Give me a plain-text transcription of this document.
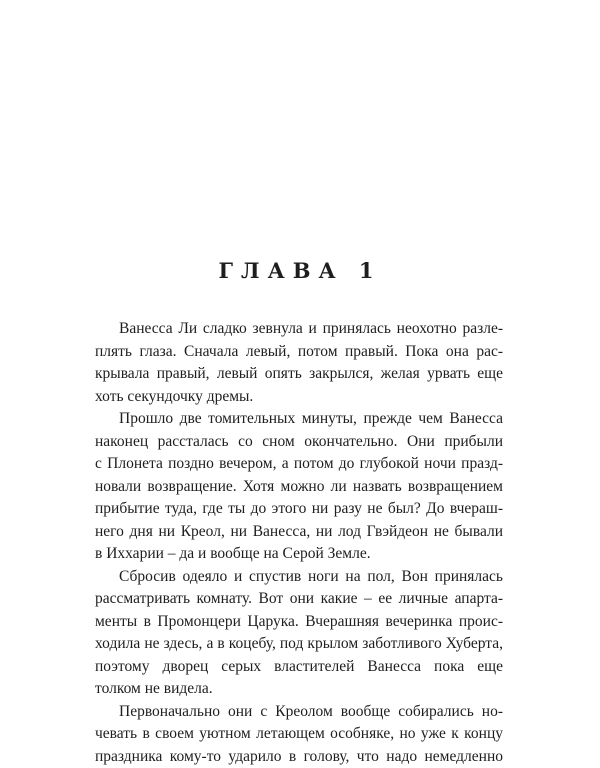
ГЛАВА 1
Ванесса Ли сладко зевнула и принялась неохотно разле-
плять глаза. Сначала левый, потом правый. Пока она рас-
крывала правый, левый опять закрылся, желая урвать еще
хоть секундочку дремы.
Прошло две томительных минуты, прежде чем Ванесса
наконец рассталась со сном окончательно. Они прибыли
с Плонета поздно вечером, а потом до глубокой ночи празд-
новали возвращение. Хотя можно ли назвать возвращением
прибытие туда, где ты до этого ни разу не был? До вчераш-
него дня ни Креол, ни Ванесса, ни лод Гвэйдеон не бывали
в Иххарии – да и вообще на Серой Земле.
Сбросив одеяло и спустив ноги на пол, Вон принялась
рассматривать комнату. Вот они какие – ее личные апарта-
менты в Промонцери Царука. Вчерашняя вечеринка проис-
ходила не здесь, а в коцебу, под крылом заботливого Хуберта,
поэтому дворец серых властителей Ванесса пока еще
толком не видела.
Первоначально они с Креолом вообще собирались но-
чевать в своем уютном летающем особняке, но уже к концу
праздника кому-то ударило в голову, что надо немедленно
